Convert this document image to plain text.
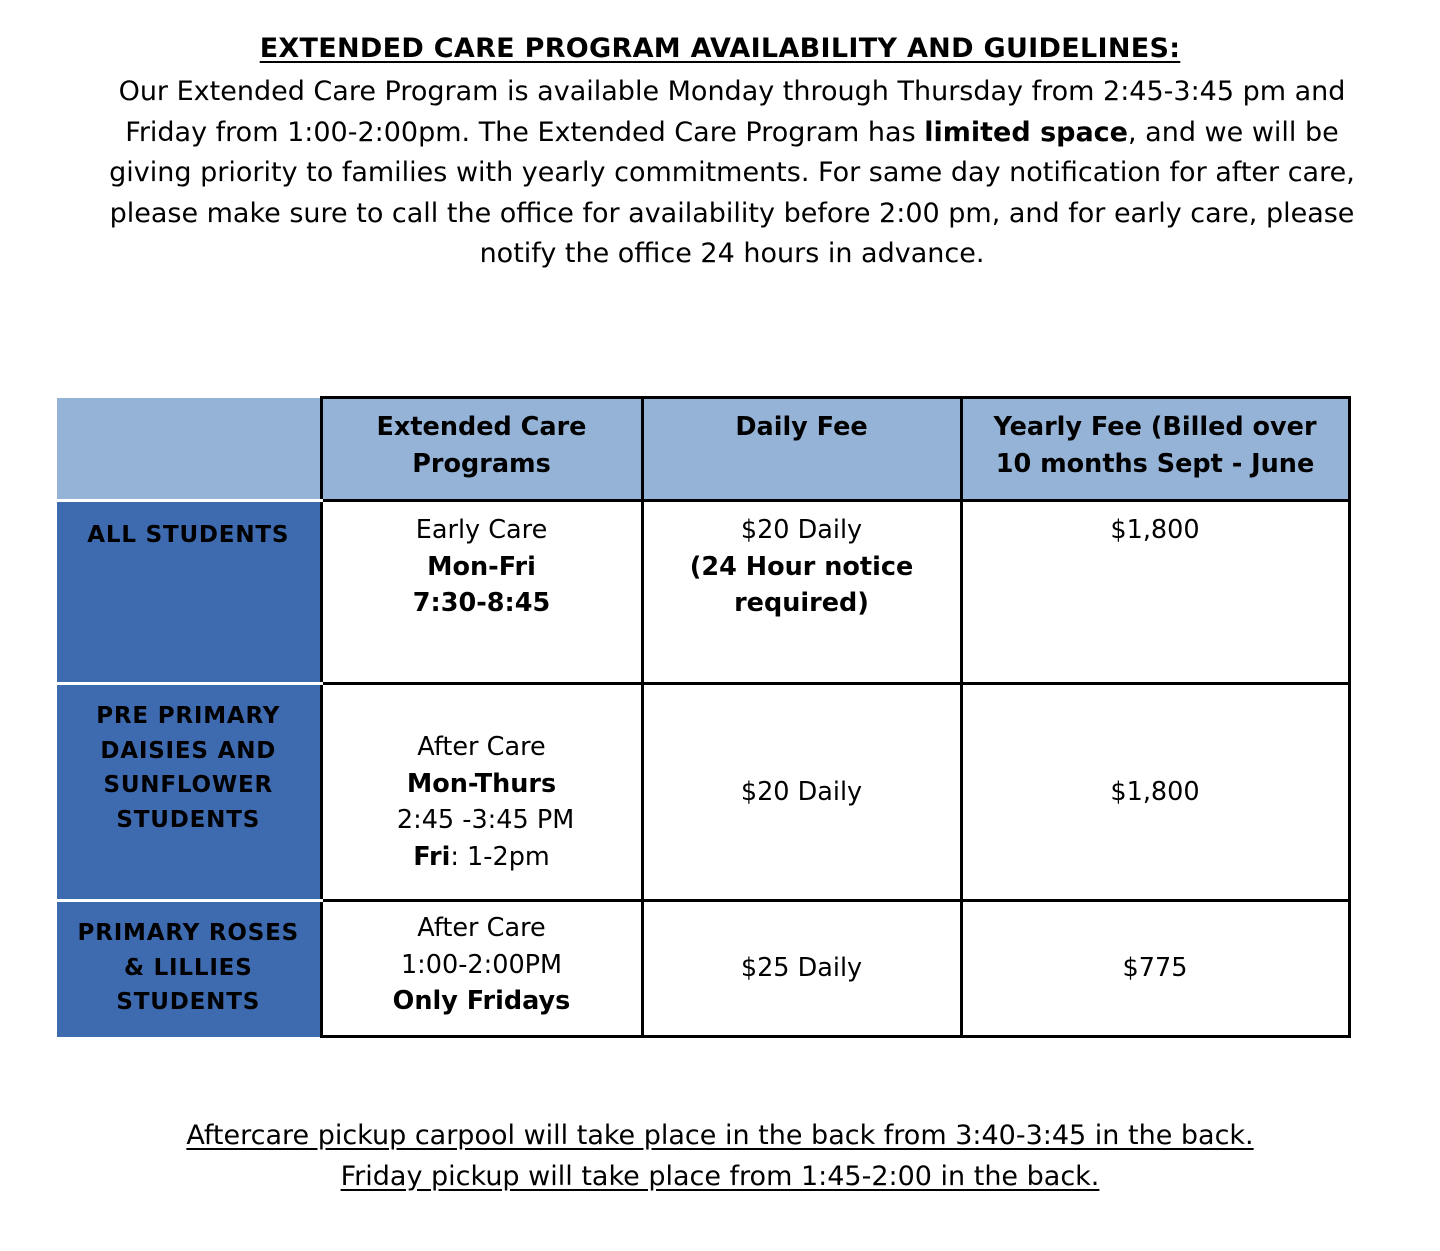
EXTENDED CARE PROGRAM AVAILABILITY AND GUIDELINES:
Our Extended Care Program is available Monday through Thursday from 2:45-3:45 pm and
Friday from 1:00-2:00pm. The Extended Care Program has limited space, and we will be
giving priority to families with yearly commitments. For same day notification for after care,
please make sure to call the office for availability before 2:00 pm, and for early care, please
notify the office 24 hours in advance.

	Extended Care
Programs	Daily Fee	Yearly Fee (Billed over
10 months Sept - June

ALL STUDENTS	Early Care
Mon-Fri
7:30-8:45	$20 Daily
(24 Hour notice
required)	$1,800

PRE PRIMARY
DAISIES AND
SUNFLOWER
STUDENTS	After Care
Mon-Thurs
2:45 -3:45 PM
Fri: 1-2pm	$20 Daily	$1,800

PRIMARY ROSES
& LILLIES
STUDENTS	After Care
1:00-2:00PM
Only Fridays	$25 Daily	$775
Aftercare pickup carpool will take place in the back from 3:40-3:45 in the back.
Friday pickup will take place from 1:45-2:00 in the back.
